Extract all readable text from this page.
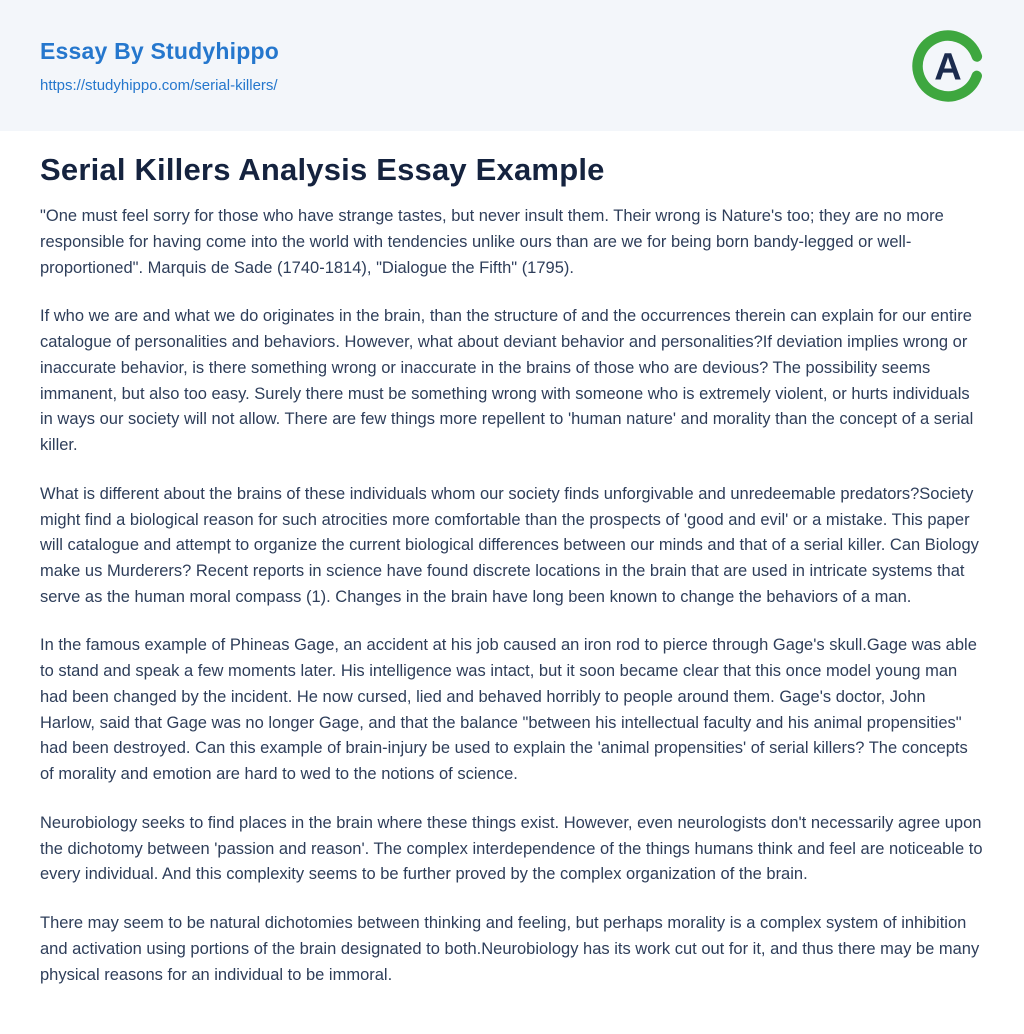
Essay By Studyhippo
https://studyhippo.com/serial-killers/	A
Serial Killers Analysis Essay Example

"One must feel sorry for those who have strange tastes, but never insult them. Their wrong is Nature's too; they are no more responsible for having come into the world with tendencies unlike ours than are we for being born bandy-legged or well-proportioned". Marquis de Sade (1740-1814), "Dialogue the Fifth" (1795).

If who we are and what we do originates in the brain, than the structure of and the occurrences therein can explain for our entire catalogue of personalities and behaviors. However, what about deviant behavior and personalities?If deviation implies wrong or inaccurate behavior, is there something wrong or inaccurate in the brains of those who are devious? The possibility seems immanent, but also too easy. Surely there must be something wrong with someone who is extremely violent, or hurts individuals in ways our society will not allow. There are few things more repellent to 'human nature' and morality than the concept of a serial killer.

What is different about the brains of these individuals whom our society finds unforgivable and unredeemable predators?Society might find a biological reason for such atrocities more comfortable than the prospects of 'good and evil' or a mistake. This paper will catalogue and attempt to organize the current biological differences between our minds and that of a serial killer. Can Biology make us Murderers? Recent reports in science have found discrete locations in the brain that are used in intricate systems that serve as the human moral compass (1). Changes in the brain have long been known to change the behaviors of a man.

In the famous example of Phineas Gage, an accident at his job caused an iron rod to pierce through Gage's skull.Gage was able to stand and speak a few moments later. His intelligence was intact, but it soon became clear that this once model young man had been changed by the incident. He now cursed, lied and behaved horribly to people around them. Gage's doctor, John Harlow, said that Gage was no longer Gage, and that the balance "between his intellectual faculty and his animal propensities" had been destroyed. Can this example of brain-injury be used to explain the 'animal propensities' of serial killers? The concepts of morality and emotion are hard to wed to the notions of science.

Neurobiology seeks to find places in the brain where these things exist. However, even neurologists don't necessarily agree upon the dichotomy between 'passion and reason'. The complex interdependence of the things humans think and feel are noticeable to every individual. And this complexity seems to be further proved by the complex organization of the brain.

There may seem to be natural dichotomies between thinking and feeling, but perhaps morality is a complex system of inhibition and activation using portions of the brain designated to both.Neurobiology has its work cut out for it, and thus there may be many physical reasons for an individual to be immoral.
